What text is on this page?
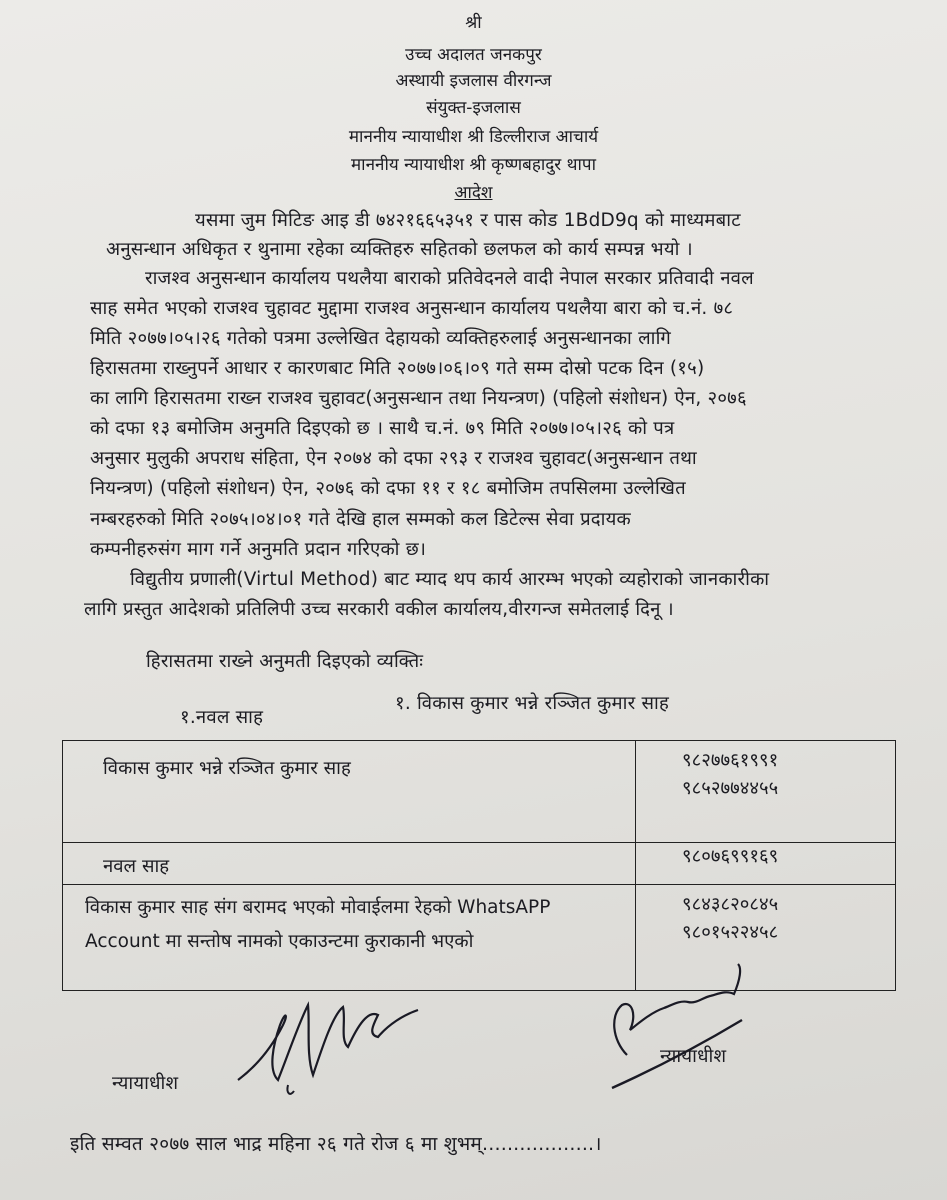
श्री
उच्च अदालत जनकपुर
अस्थायी इजलास वीरगन्ज
संयुक्त-इजलास
माननीय न्यायाधीश श्री डिल्लीराज आचार्य
माननीय न्यायाधीश श्री कृष्णबहादुर थापा
आदेश
यसमा जुम मिटिङ आइ डी ७४२१६६५३५१ र पास कोड 1BdD9q को माध्यमबाट
अनुसन्धान अधिकृत र थुनामा रहेका व्यक्तिहरु सहितको छलफल को कार्य सम्पन्न भयो ।
राजश्व अनुसन्धान कार्यालय पथलैया बाराको प्रतिवेदनले वादी नेपाल सरकार प्रतिवादी नवल
साह समेत भएको राजश्व चुहावट मुद्दामा राजश्व अनुसन्धान कार्यालय पथलैया बारा को च.नं. ७८
मिति २०७७।०५।२६ गतेको पत्रमा उल्लेखित देहायको व्यक्तिहरुलाई अनुसन्धानका लागि
हिरासतमा राख्नुपर्ने आधार र कारणबाट मिति २०७७।०६।०९ गते सम्म दोस्रो पटक दिन (१५)
का लागि हिरासतमा राख्न राजश्व चुहावट(अनुसन्धान तथा नियन्त्रण) (पहिलो संशोधन) ऐन, २०७६
को दफा १३ बमोजिम अनुमति दिइएको छ । साथै च.नं. ७९ मिति २०७७।०५।२६ को पत्र
अनुसार मुलुकी अपराध संहिता, ऐन २०७४ को दफा २९३ र राजश्व चुहावट(अनुसन्धान तथा
नियन्त्रण) (पहिलो संशोधन) ऐन, २०७६ को दफा ११ र १८ बमोजिम तपसिलमा उल्लेखित
नम्बरहरुको मिति २०७५।०४।०१ गते देखि हाल सम्मको कल डिटेल्स सेवा प्रदायक
कम्पनीहरुसंग माग गर्ने अनुमति प्रदान गरिएको छ।
विद्युतीय प्रणाली(Virtul Method) बाट म्याद थप कार्य आरम्भ भएको व्यहोराको जानकारीका
लागि प्रस्तुत आदेशको प्रतिलिपी उच्च सरकारी वकील कार्यालय,वीरगन्ज समेतलाई दिनू ।
हिरासतमा राख्ने अनुमती दिइएको व्यक्तिः
१.नवल साह
१. विकास कुमार भन्ने रञ्जित कुमार साह
विकास कुमार भन्ने रञ्जित कुमार साह	९८२७७६१९९१
९८५२७७४४५५

नवल साह	९८०७६९९१६९

विकास कुमार साह संग बरामद भएको मोवाईलमा रेहको WhatsAPP Account मा सन्तोष नामको एकाउन्टमा कुराकानी भएको	९८४३८२०८४५
९८०१५२२४५८
न्यायाधीश
न्यायाधीश
इति सम्वत २०७७ साल भाद्र महिना २६ गते रोज ६ मा शुभम्..................।
